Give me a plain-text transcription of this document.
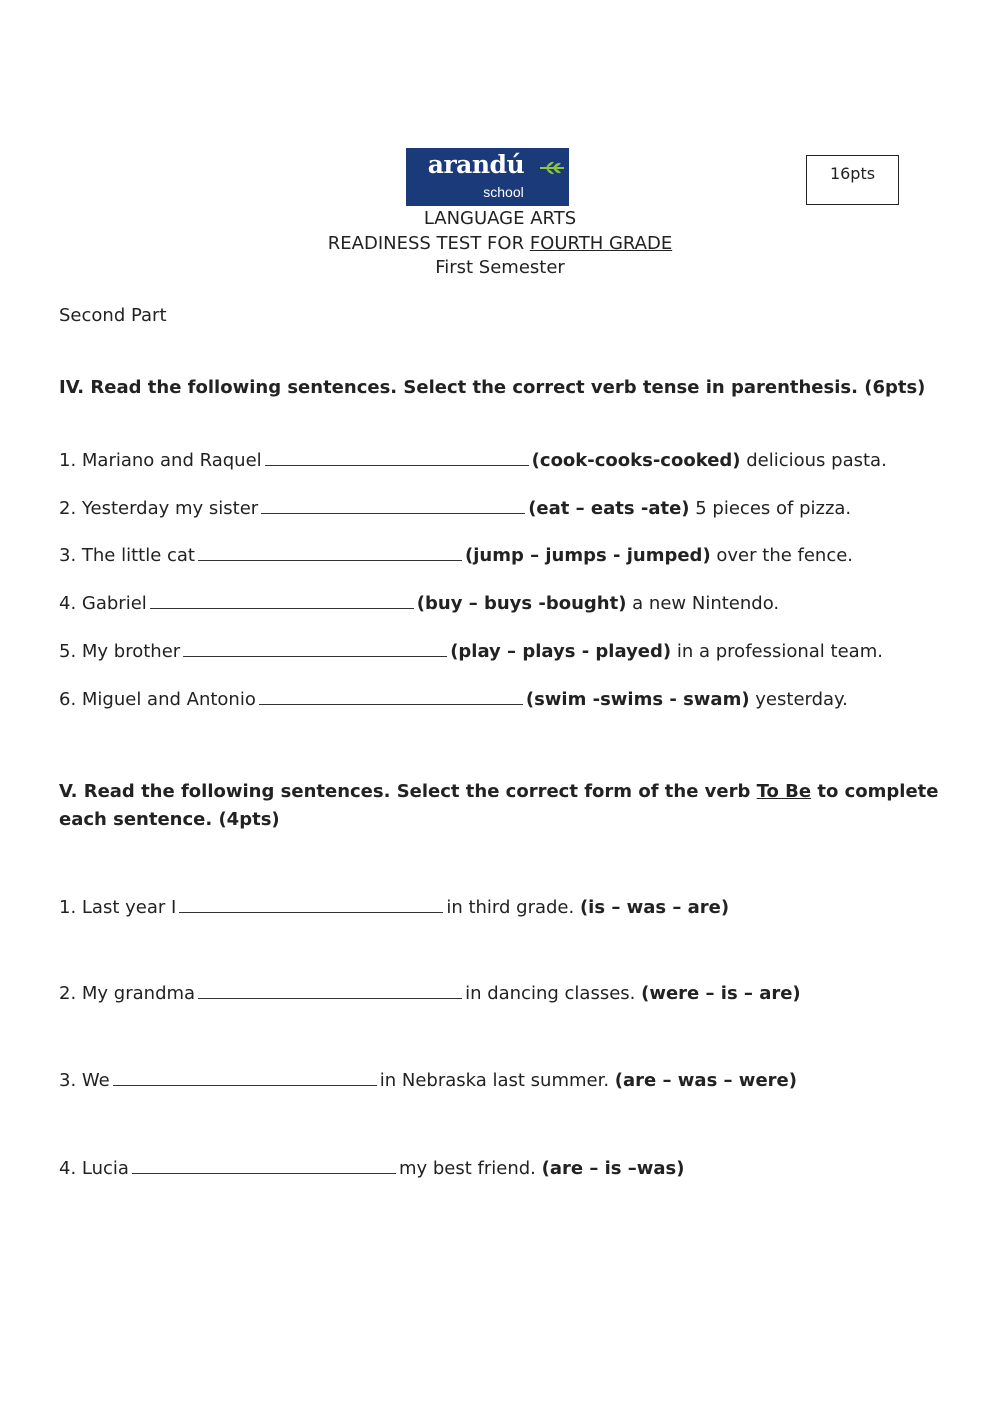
arandú
school
16pts
LANGUAGE ARTS
READINESS TEST FOR FOURTH GRADE
First Semester
Second Part
IV. Read the following sentences. Select the correct verb tense in parenthesis. (6pts)
1. Mariano and Raquel	(cook-cooks-cooked) delicious pasta.
2. Yesterday my sister	(eat – eats -ate) 5 pieces of pizza.
3. The little cat	(jump – jumps - jumped) over the fence.
4. Gabriel	(buy – buys -bought) a new Nintendo.
5. My brother	(play – plays - played) in a professional team.
6. Miguel and Antonio	(swim -swims - swam) yesterday.
V. Read the following sentences. Select the correct form of the verb To Be to complete each sentence. (4pts)
1. Last year I	in third grade. (is – was – are)
2. My grandma	in dancing classes. (were – is – are)
3. We	in Nebraska last summer. (are – was – were)
4. Lucia	my best friend. (are – is –was)
